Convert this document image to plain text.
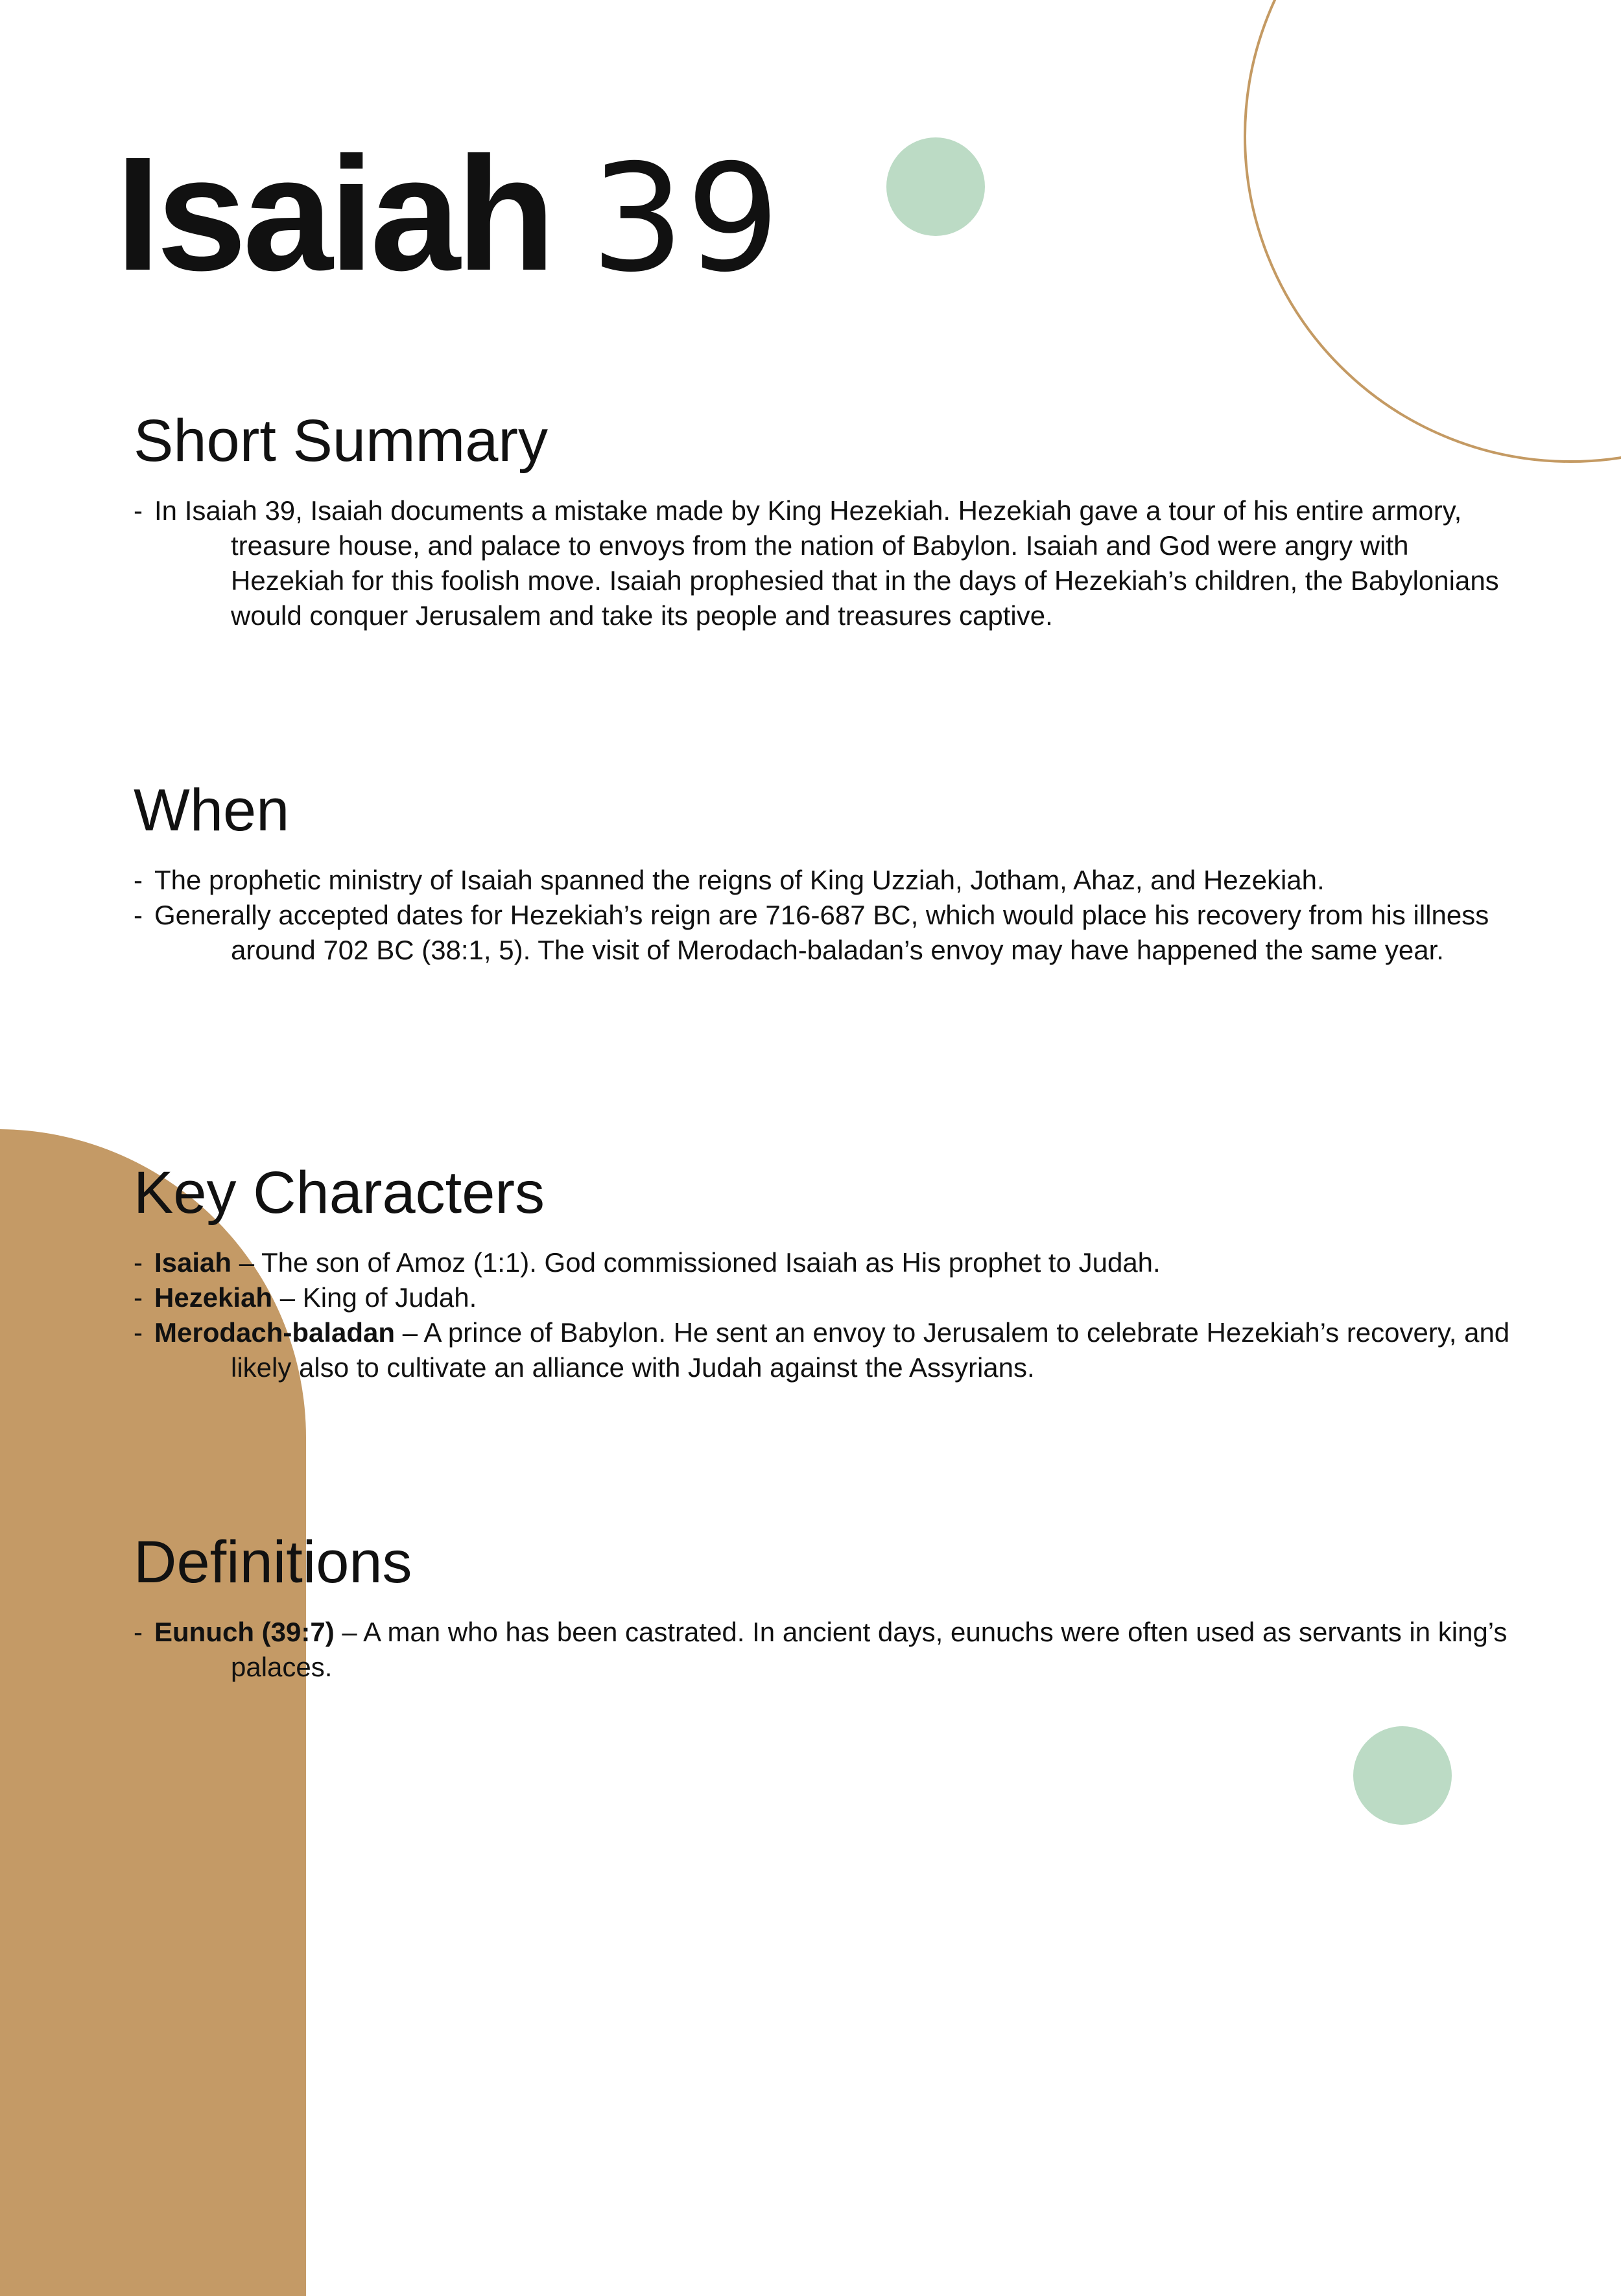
Isaiah 39
Short Summary

- In Isaiah 39, Isaiah documents a mistake made by King Hezekiah. Hezekiah gave a tour of his entire armory, treasure house, and palace to envoys from the nation of Babylon. Isaiah and God were angry with Hezekiah for this foolish move. Isaiah prophesied that in the days of Hezekiah’s children, the Babylonians would conquer Jerusalem and take its people and treasures captive.

When

- The prophetic ministry of Isaiah spanned the reigns of King Uzziah, Jotham, Ahaz, and Hezekiah.

- Generally accepted dates for Hezekiah’s reign are 716-687 BC, which would place his recovery from his illness around 702 BC (38:1, 5). The visit of Merodach-baladan’s envoy may have happened the same year.

Key Characters

- Isaiah – The son of Amoz (1:1). God commissioned Isaiah as His prophet to Judah.

- Hezekiah – King of Judah.

- Merodach-baladan – A prince of Babylon. He sent an envoy to Jerusalem to celebrate Hezekiah’s recovery, and likely also to cultivate an alliance with Judah against the Assyrians.

Definitions

- Eunuch (39:7) – A man who has been castrated. In ancient days, eunuchs were often used as servants in king’s palaces.
